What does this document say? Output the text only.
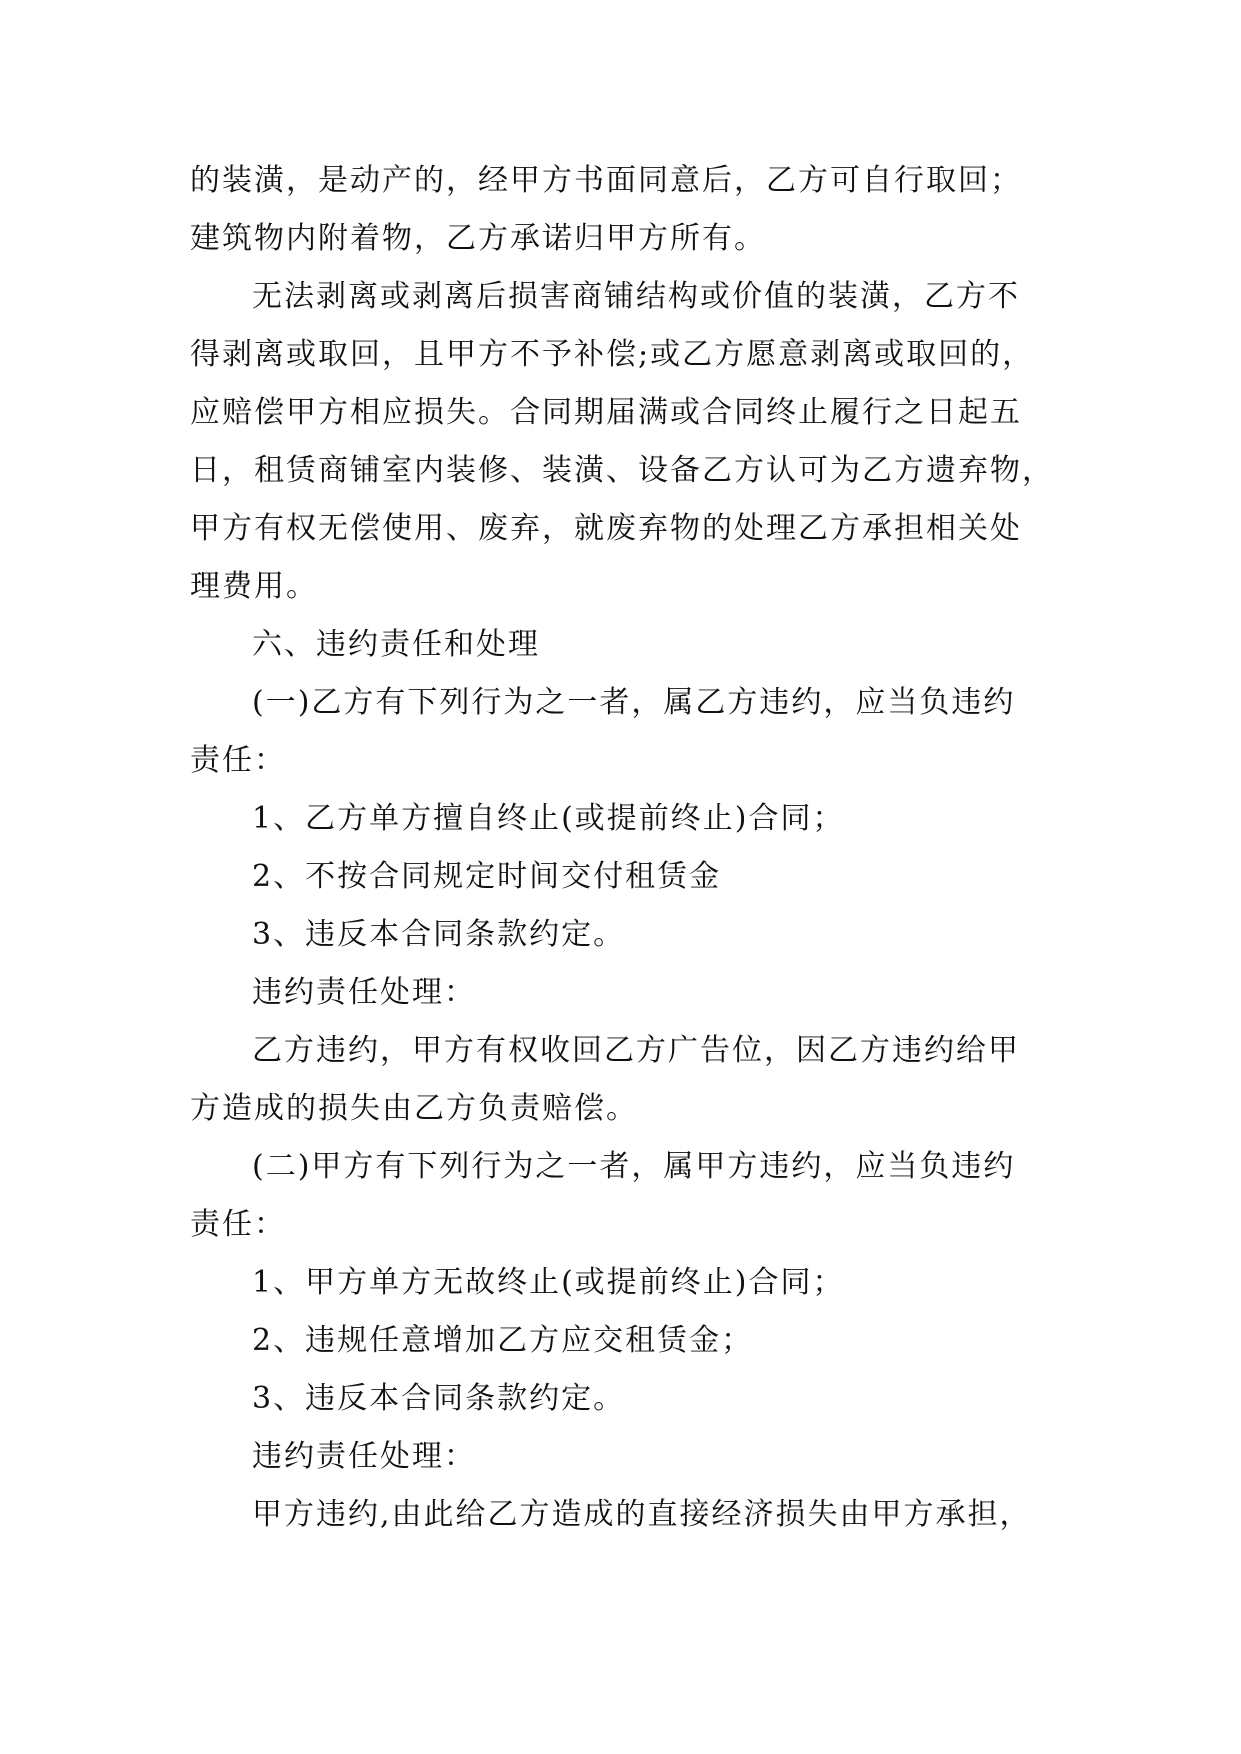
的装潢，是动产的，经甲方书面同意后，乙方可自行取回；
建筑物内附着物，乙方承诺归甲方所有。
无法剥离或剥离后损害商铺结构或价值的装潢，乙方不
得剥离或取回，且甲方不予补偿;或乙方愿意剥离或取回的，
应赔偿甲方相应损失。合同期届满或合同终止履行之日起五
日，租赁商铺室内装修、装潢、设备乙方认可为乙方遗弃物，
甲方有权无偿使用、废弃，就废弃物的处理乙方承担相关处
理费用。
六、违约责任和处理
(一)乙方有下列行为之一者，属乙方违约，应当负违约
责任：
1、乙方单方擅自终止(或提前终止)合同；
2、不按合同规定时间交付租赁金
3、违反本合同条款约定。
违约责任处理：
乙方违约，甲方有权收回乙方广告位，因乙方违约给甲
方造成的损失由乙方负责赔偿。
(二)甲方有下列行为之一者，属甲方违约，应当负违约
责任：
1、甲方单方无故终止(或提前终止)合同；
2、违规任意增加乙方应交租赁金；
3、违反本合同条款约定。
违约责任处理：
甲方违约,由此给乙方造成的直接经济损失由甲方承担，
